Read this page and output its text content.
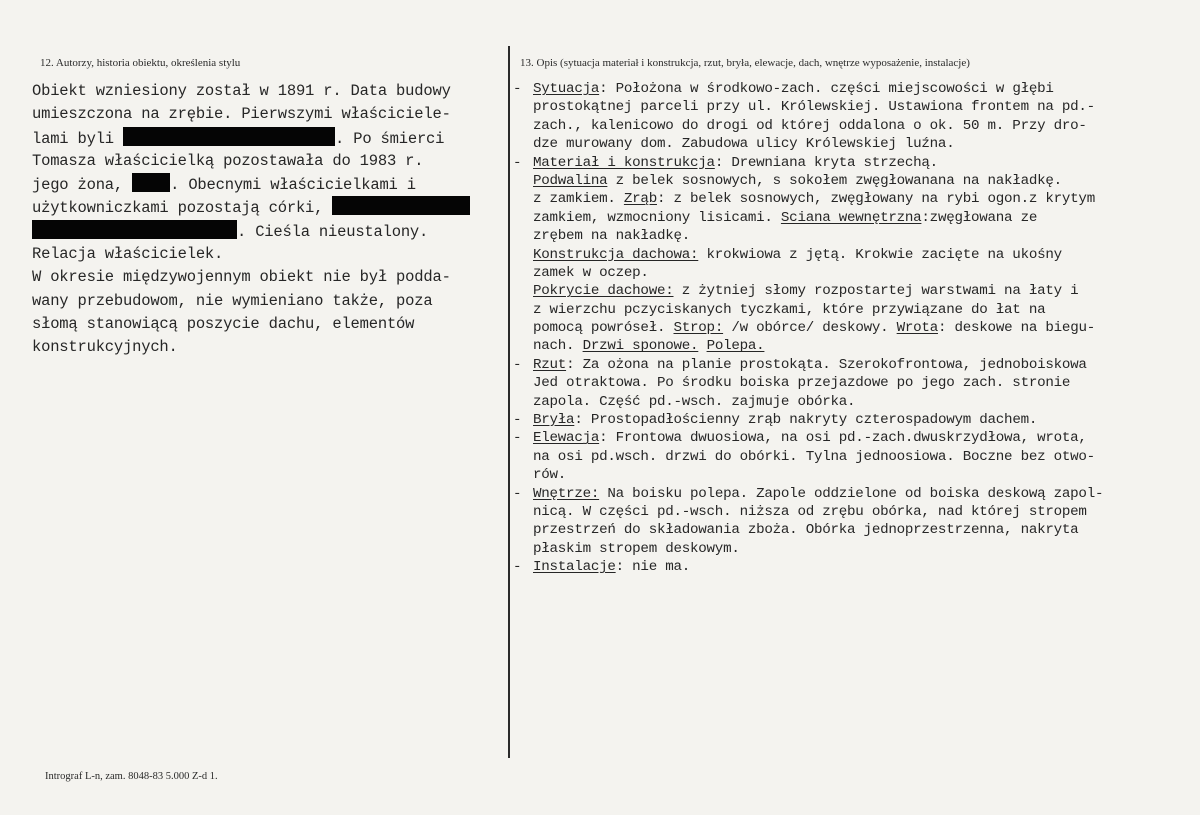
12. Autorzy, historia obiektu, określenia stylu	13. Opis (sytuacja materiał i konstrukcja, rzut, bryła, elewacje, dach, wnętrze wyposażenie, instalacje)
Obiekt wzniesiony został w 1891 r. Data budowy
umieszczona na zrębie. Pierwszymi właściciele-
lami byli	. Po śmierci
Tomasza właścicielką pozostawała do 1983 r.
jego żona,	. Obecnymi właścicielkami i
użytkowniczkami pozostają córki,
. Cieśla nieustalony.
Relacja właścicielek.
W okresie międzywojennym obiekt nie był poddа-
wany przebudowom, nie wymieniano także, poza
słomą stanowiącą poszycie dachu, elementów
konstrukcyjnych.
- Sytuacja: Położona w środkowo-zach. części miejscowości w głębi
prostokątnej parceli przy ul. Królewskiej. Ustawiona frontem na pd.-
zach., kalenicowo do drogi od której oddalona o ok. 50 m. Przy dro-
dze murowany dom. Zabudowa ulicy Królewskiej luźna.
- Materiał i konstrukcja: Drewniana kryta strzechą.
Podwalina z belek sosnowych, s sokołem zwęgłowanana na nakładkę.
z zamkiem. Zrąb: z belek sosnowych, zwęgłowany na rybi ogon.z krytym
zamkiem, wzmocniony lisicami. Sciana wewnętrzna:zwęgłowana ze
zrębem na nakładkę.
Konstrukcja dachowa: krokwiowa z jętą. Krokwie zacięte na ukośny
zamek w oczep.
Pokrycie dachowe: z żytniej słomy rozpostartej warstwami na łaty i
z wierzchu pczyciskanych tyczkami, które przywiązane do łat na
pomocą powróseł. Strop: /w obórce/ deskowy. Wrota: deskowe na biegu-
nach. Drzwi sponowe. Polepa.
- Rzut: Za ożona na planie prostokąta. Szerokofrontowa, jednoboiskowa
Jed otraktowa. Po środku boiska przejazdowe po jego zach. stronie
zapola. Część pd.-wsch. zajmuje obórka.
- Bryła: Prostopadłościenny zrąb nakryty czterospadowym dachem.
- Elewacja: Frontowa dwuosiowa, na osi pd.-zach.dwuskrzydłowa, wrota,
na osi pd.wsch. drzwi do obórki. Tylna jednoosiowa. Boczne bez otwo-
rów.
- Wnętrze: Na boisku polepa. Zapole oddzielone od boiska deskową zapol-
nicą. W części pd.-wsch. niższa od zrębu obórka, nad której stropem
przestrzeń do składowania zboża. Obórka jednoprzestrzenna, nakryta
płaskim stropem deskowym.
- Instalacje: nie ma.
Intrograf L-n, zam. 8048-83 5.000 Z-d 1.
